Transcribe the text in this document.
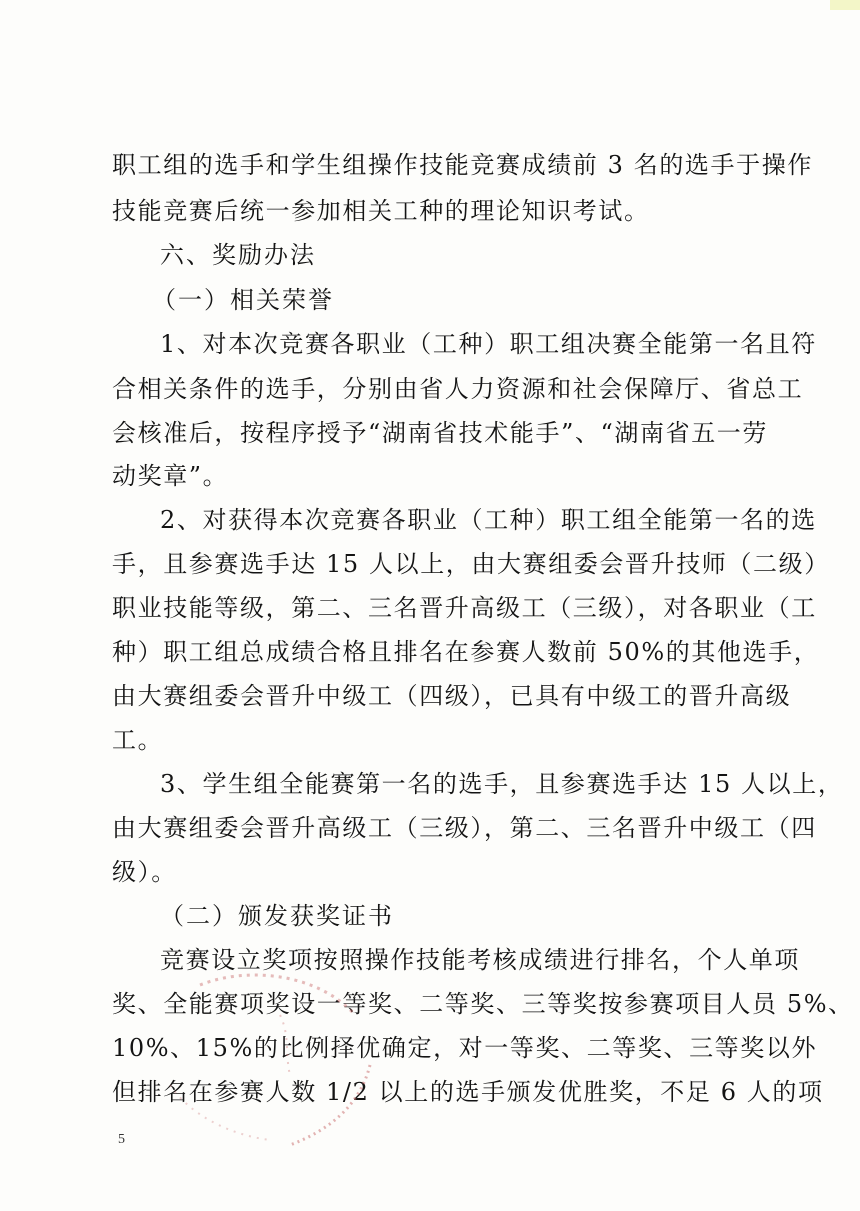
职工组的选手和学生组操作技能竞赛成绩前 3 名的选手于操作
技能竞赛后统一参加相关工种的理论知识考试。
六、奖励办法
（一）相关荣誉
1、对本次竞赛各职业（工种）职工组决赛全能第一名且符
合相关条件的选手，分别由省人力资源和社会保障厅、省总工
会核准后，按程序授予“湖南省技术能手”、“湖南省五一劳
动奖章”。
2、对获得本次竞赛各职业（工种）职工组全能第一名的选
手，且参赛选手达 15 人以上，由大赛组委会晋升技师（二级）
职业技能等级，第二、三名晋升高级工（三级），对各职业（工
种）职工组总成绩合格且排名在参赛人数前 50%的其他选手，
由大赛组委会晋升中级工（四级），已具有中级工的晋升高级
工。
3、学生组全能赛第一名的选手，且参赛选手达 15 人以上，
由大赛组委会晋升高级工（三级），第二、三名晋升中级工（四
级）。
（二）颁发获奖证书
竞赛设立奖项按照操作技能考核成绩进行排名，个人单项
奖、全能赛项奖设一等奖、二等奖、三等奖按参赛项目人员 5%、
10%、15%的比例择优确定，对一等奖、二等奖、三等奖以外
但排名在参赛人数 1/2 以上的选手颁发优胜奖，不足 6 人的项
5
